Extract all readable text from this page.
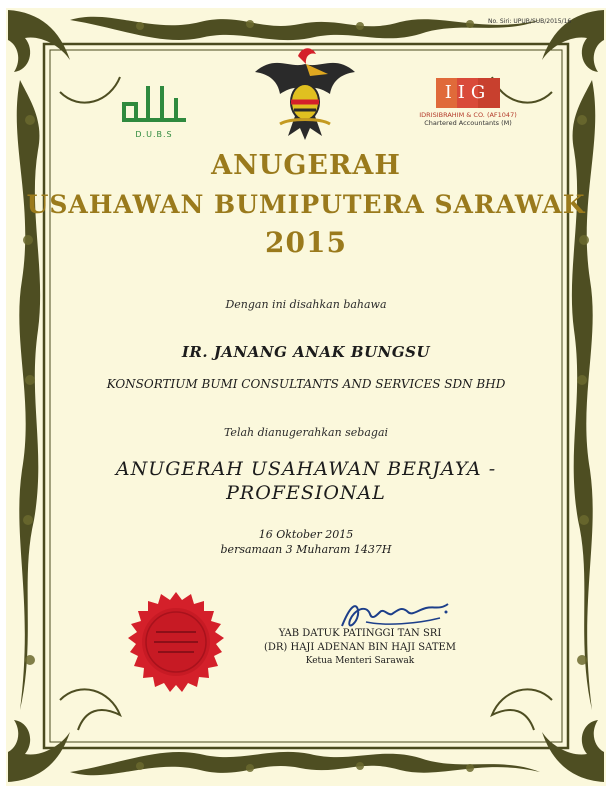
No. Siri: UPUB/SUB/2015/16
D.U.B.S
IIG
IDRISIBRAHIM & CO. (AF1047)
Chartered Accountants (M)
ANUGERAH
USAHAWAN BUMIPUTERA SARAWAK
2015
Dengan ini disahkan bahawa
IR. JANANG ANAK BUNGSU
KONSORTIUM BUMI CONSULTANTS AND SERVICES SDN BHD
Telah dianugerahkan sebagai
ANUGERAH USAHAWAN BERJAYA -
PROFESIONAL
16 Oktober 2015
bersamaan 3 Muharam 1437H
YAB DATUK PATINGGI TAN SRI
(DR) HAJI ADENAN BIN HAJI SATEM
Ketua Menteri Sarawak
